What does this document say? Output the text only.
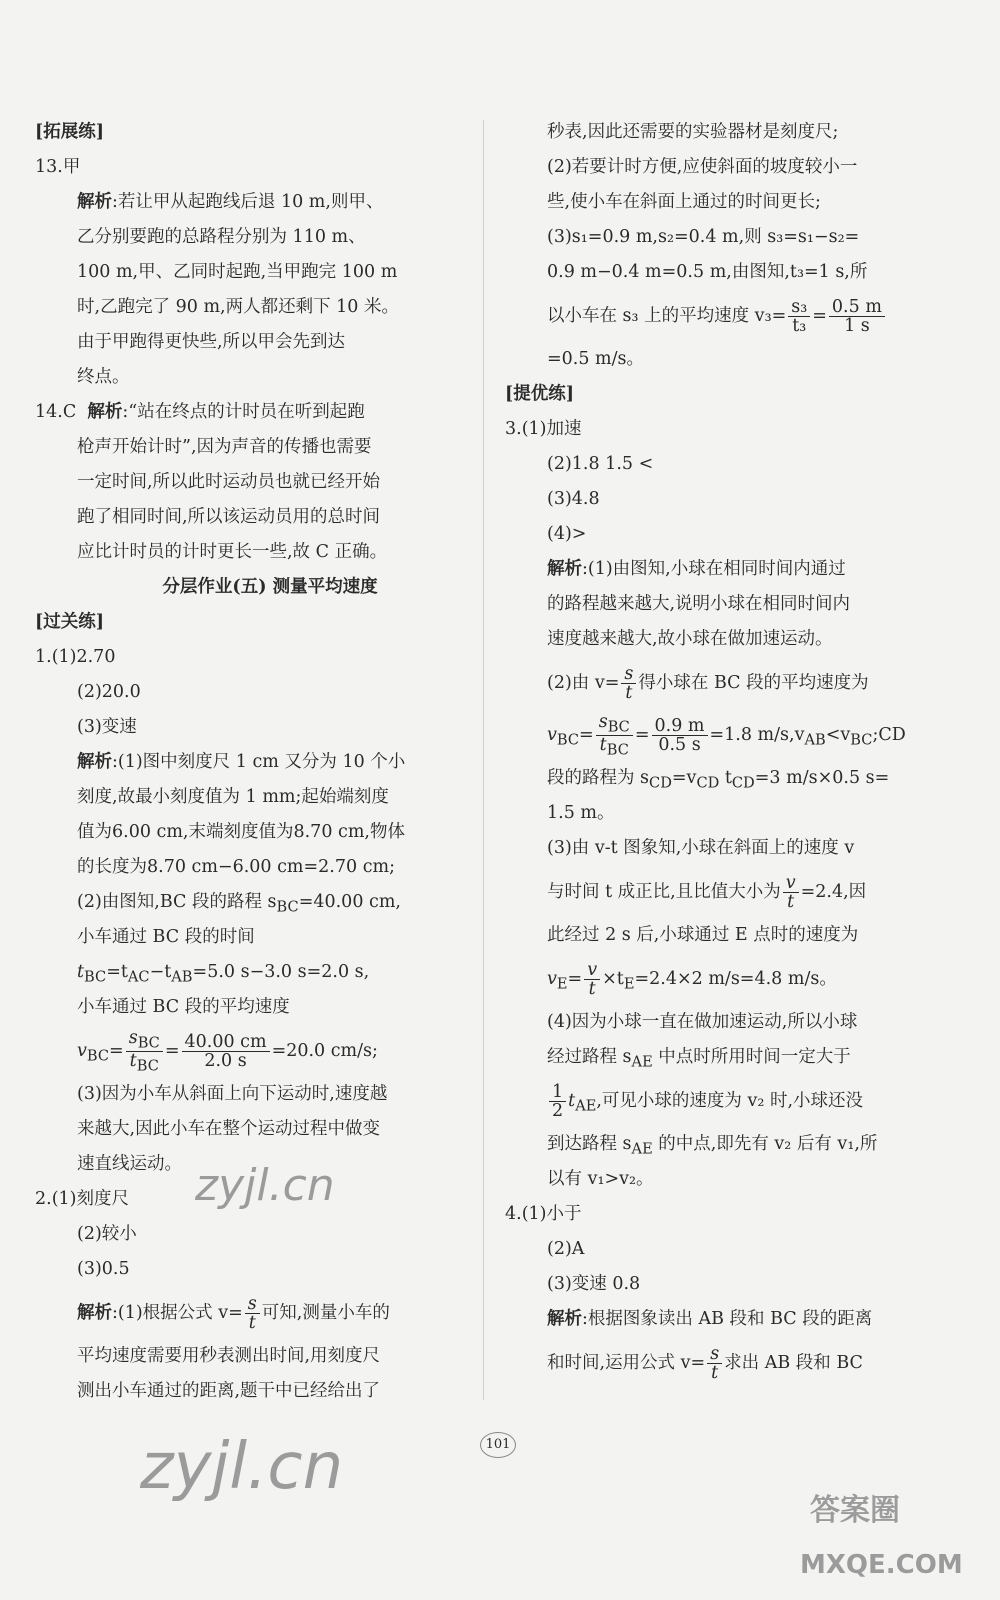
[拓展练]
13.甲
解析:若让甲从起跑线后退 10 m,则甲、
乙分别要跑的总路程分别为 110 m、
100 m,甲、乙同时起跑,当甲跑完 100 m
时,乙跑完了 90 m,两人都还剩下 10 米。
由于甲跑得更快些,所以甲会先到达
终点。
14.C 解析:“站在终点的计时员在听到起跑
枪声开始计时”,因为声音的传播也需要
一定时间,所以此时运动员也就已经开始
跑了相同时间,所以该运动员用的总时间
应比计时员的计时更长一些,故 C 正确。
分层作业(五) 测量平均速度
[过关练]
1.(1)2.70
(2)20.0
(3)变速
解析:(1)图中刻度尺 1 cm 又分为 10 个小
刻度,故最小刻度值为 1 mm;起始端刻度
值为6.00 cm,末端刻度值为8.70 cm,物体
的长度为8.70 cm−6.00 cm=2.70 cm;
(2)由图知,BC 段的路程 $s_{BC}=40.00$ cm,
小车通过 BC 段的时间
$t_{BC}=t_{AC}-t_{AB}=5.0$ s−3.0 s=2.0 s,
小车通过 BC 段的平均速度
$v_{BC}= \frac{s_{BC}}{t_{BC}} = \frac{40.00 cm}{2.0 s} =20.0$ cm/s;
(3)因为小车从斜面上向下运动时,速度越
来越大,因此小车在整个运动过程中做变
速直线运动。
2.(1)刻度尺
(2)较小
(3)0.5
解析:(1)根据公式 $v= \frac{s}{t}$ 可知,测量小车的
平均速度需要用秒表测出时间,用刻度尺
测出小车通过的距离,题干中已经给出了
秒表,因此还需要的实验器材是刻度尺;
(2)若要计时方便,应使斜面的坡度较小一
些,使小车在斜面上通过的时间更长;
(3)s₁=0.9 m,s₂=0.4 m,则 s₃=s₁−s₂=
0.9 m−0.4 m=0.5 m,由图知,t₃=1 s,所
以小车在 s₃ 上的平均速度 $v_3= \frac{\text{s₃}}{\text{t₃}} = \frac{0.5 m}{1 s}$
=0.5 m/s。
[提优练]
3.(1)加速
(2)1.8 1.5 <
(3)4.8
(4)>
解析:(1)由图知,小球在相同时间内通过
的路程越来越大,说明小球在相同时间内
速度越来越大,故小球在做加速运动。
(2)由 $v= \frac{s}{t}$ 得小球在 BC 段的平均速度为
$v_{BC}= \frac{s_{BC}}{t_{BC}} = \frac{0.9 m}{0.5 s} =1.8$ $m/s,v_{AB}<v_{BC};CD$
段的路程为 $s_{CD}=v_{CD}$ $t_{CD}=3$ m/s×0.5 s=
1.5 m。
(3)由 v-t 图象知,小球在斜面上的速度 v
与时间 t 成正比,且比值大小为 $\frac{v}{t} =2.4$,因
此经过 2 s 后,小球通过 E 点时的速度为
$v_E= \frac{v}{t} \times t_E=2.4\times 2$ m/s=4.8 m/s。
(4)因为小球一直在做加速运动,所以小球
经过路程 $s_{AE}$ 中点时所用时间一定大于
$\frac{1}{2} t_{AE}$,可见小球的速度为 v₂ 时,小球还没
到达路程 $s_{AE}$ 的中点,即先有 v₂ 后有 v₁,所
以有 v₁>v₂。
4.(1)小于
(2)A
(3)变速 0.8
解析:根据图象读出 AB 段和 BC 段的距离
和时间,运用公式 $v= \frac{s}{t}$ 求出 AB 段和 BC
101
zyjl.cn
zyjl.cn
答案圈
MXQE.COM
